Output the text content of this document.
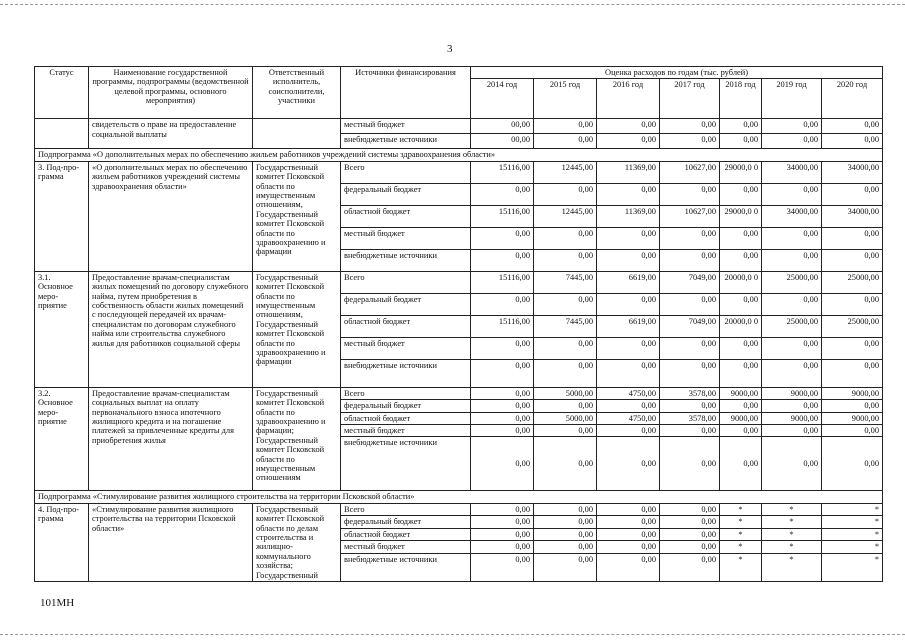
3
Статус	Наименование государственной программы, подпрограммы (ведомственной целевой программы, основного мероприятия)	Ответственный исполнитель, соисполнители, участники	Источники финансирования	Оценка расходов по годам (тыс. рублей)						
				2014 год	2015 год	2016 год	2017 год	2018 год	2019 год	2020 год
	свидетельств о праве на предоставление социальной выплаты		местный бюджет	00,00	0,00	0,00	0,00	0,00	0,00	0,00
			внебюджетные источники	00,00	0,00	0,00	0,00	0,00	0,00	0,00
Подпрограмма «О дополнительных мерах по обеспечению жильем работников учреждений системы здравоохранения области»										
3. Под-про-грамма	«О дополнительных мерах по обеспечению жильем работников учреждений системы здравоохранения области»	Государственный комитет Псковской области по имущественным отношениям, Государственный комитет Псковской области по здравоохранению и фармации	Всего	15116,00	12445,00	11369,00	10627,00	29000,0 0	34000,00	34000,00
			федеральный бюджет	0,00	0,00	0,00	0,00	0,00	0,00	0,00
			областной бюджет	15116,00	12445,00	11369,00	10627,00	29000,0 0	34000,00	34000,00
			местный бюджет	0,00	0,00	0,00	0,00	0,00	0,00	0,00
			внебюджетные источники	0,00	0,00	0,00	0,00	0,00	0,00	0,00
3.1. Основное меро-приятие	Предоставление врачам-специалистам жилых помещений по договору служебного найма, путем приобретения в собственность области жилых помещений с последующей передачей их врачам-специалистам по договорам служебного найма или строительства служебного жилья для работников социальной сферы	Государственный комитет Псковской области по имущественным отношениям, Государственный комитет Псковской области по здравоохранению и фармации	Всего	15116,00	7445,00	6619,00	7049,00	20000,0 0	25000,00	25000,00
			федеральный бюджет	0,00	0,00	0,00	0,00	0,00	0,00	0,00
			областной бюджет	15116,00	7445,00	6619,00	7049,00	20000,0 0	25000,00	25000,00
			местный бюджет	0,00	0,00	0,00	0,00	0,00	0,00	0,00
			внебюджетные источники	0,00	0,00	0,00	0,00	0,00	0,00	0,00
3.2. Основное меро-приятие	Предоставление врачам-специалистам социальных выплат на оплату первоначального взноса ипотечного жилищного кредита и на погашение платежей за привлеченные кредиты для приобретения жилья	Государственный комитет Псковской области по здравоохранению и фармации; Государственный комитет Псковской области по имущественным отношениям	Всего	0,00	5000,00	4750,00	3578,00	9000,00	9000,00	9000,00
			федеральный бюджет	0,00	0,00	0,00	0,00	0,00	0,00	0,00
			областной бюджет	0,00	5000,00	4750,00	3578,00	9000,00	9000,00	9000,00
			местный бюджет	0,00	0,00	0,00	0,00	0,00	0,00	0,00
			внебюджетные источники	0,00	0,00	0,00	0,00	0,00	0,00	0,00
Подпрограмма «Стимулирование развития жилищного строительства на территории Псковской области»										
4. Под-про-грамма	«Стимулирование развития жилищного строительства на территории Псковской области»	Государственный комитет Псковской области по делам строительства и жилищно-коммунального хозяйства; Государственный	Всего	0,00	0,00	0,00	0,00	*	*	*
			федеральный бюджет	0,00	0,00	0,00	0,00	*	*	*
			областной бюджет	0,00	0,00	0,00	0,00	*	*	*
			местный бюджет	0,00	0,00	0,00	0,00	*	*	*
			внебюджетные источники	0,00	0,00	0,00	0,00	*	*	*
101МН
